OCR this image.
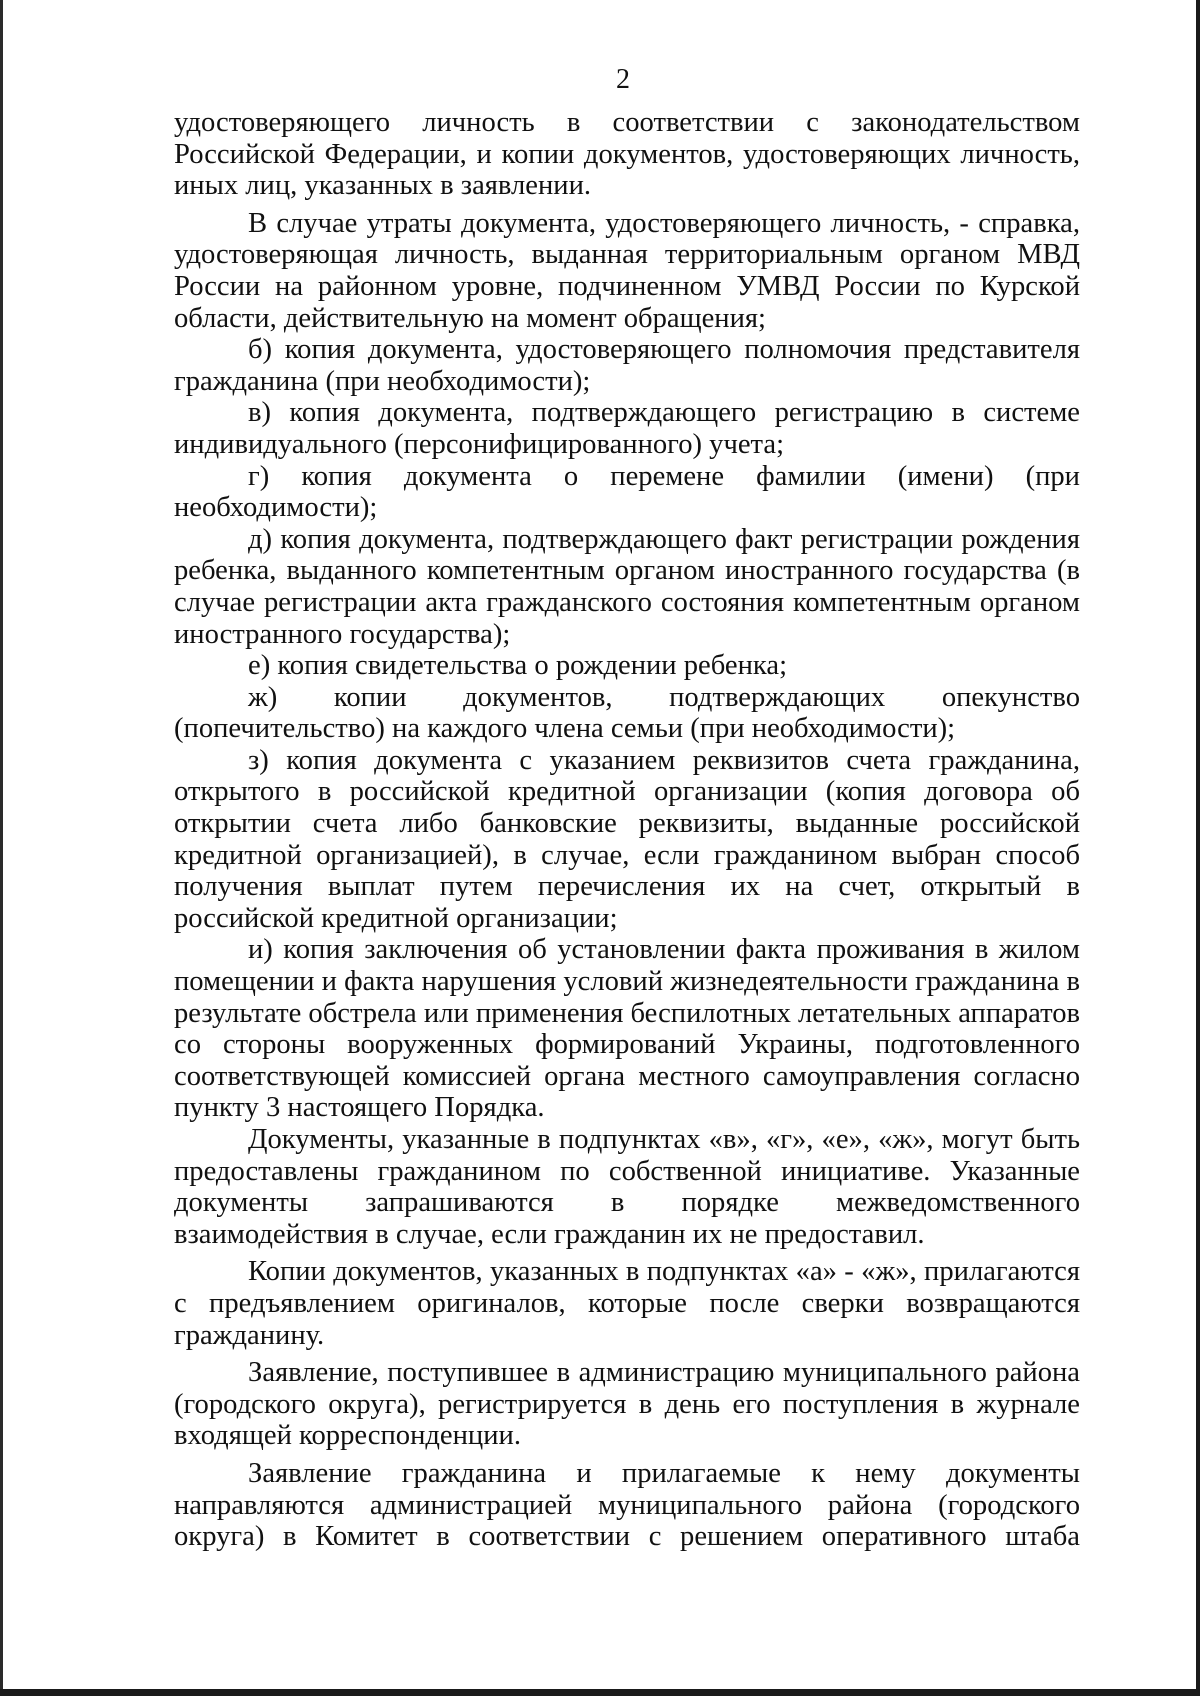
2

удостоверяющего личность в соответствии с законодательством Российской Федерации, и копии документов, удостоверяющих личность, иных лиц, указанных в заявлении.

В случае утраты документа, удостоверяющего личность, - справка, удостоверяющая личность, выданная территориальным органом МВД России на районном уровне, подчиненном УМВД России по Курской области, действительную на момент обращения;

б) копия документа, удостоверяющего полномочия представителя гражданина (при необходимости);

в) копия документа, подтверждающего регистрацию в системе индивидуального (персонифицированного) учета;

г) копия документа о перемене фамилии (имени) (при необходимости);

д) копия документа, подтверждающего факт регистрации рождения ребенка, выданного компетентным органом иностранного государства (в случае регистрации акта гражданского состояния компетентным органом иностранного государства);

е) копия свидетельства о рождении ребенка;

ж) копии документов, подтверждающих опекунство (попечительство) на каждого члена семьи (при необходимости);

з) копия документа с указанием реквизитов счета гражданина, открытого в российской кредитной организации (копия договора об открытии счета либо банковские реквизиты, выданные российской кредитной организацией), в случае, если гражданином выбран способ получения выплат путем перечисления их на счет, открытый в российской кредитной организации;

и) копия заключения об установлении факта проживания в жилом помещении и факта нарушения условий жизнедеятельности гражданина в результате обстрела или применения беспилотных летательных аппаратов со стороны вооруженных формирований Украины, подготовленного соответствующей комиссией органа местного самоуправления согласно пункту 3 настоящего Порядка.

Документы, указанные в подпунктах «в», «г», «е», «ж», могут быть предоставлены гражданином по собственной инициативе. Указанные документы запрашиваются в порядке межведомственного взаимодействия в случае, если гражданин их не предоставил.

Копии документов, указанных в подпунктах «а» - «ж», прилагаются с предъявлением оригиналов, которые после сверки возвращаются гражданину.

Заявление, поступившее в администрацию муниципального района (городского округа), регистрируется в день его поступления в журнале входящей корреспонденции.

Заявление гражданина и прилагаемые к нему документы направляются администрацией муниципального района (городского округа) в Комитет в соответствии с решением оперативного штаба
